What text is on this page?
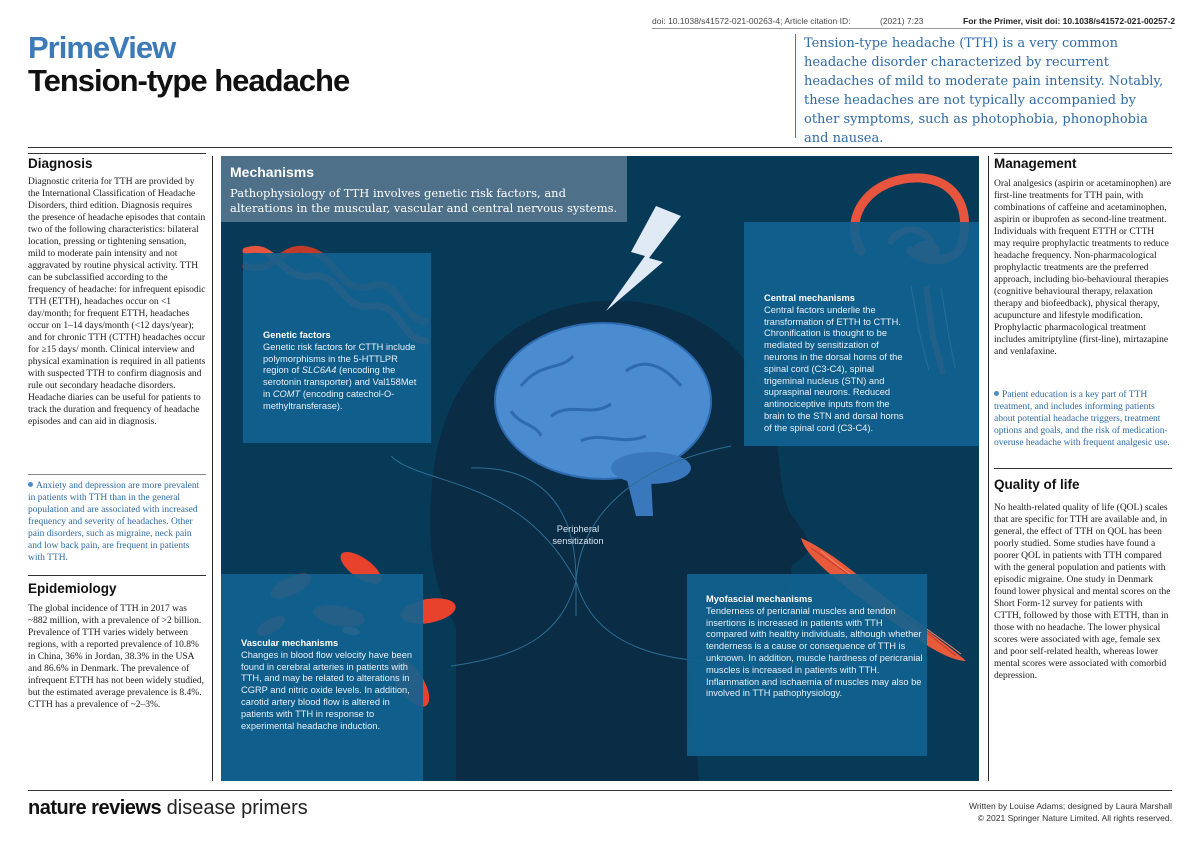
doi: 10.1038/s41572-021-00263-4; Article citation ID:	(2021) 7:23	For the Primer, visit doi: 10.1038/s41572-021-00257-2
PrimeView
Tension-type headache
Tension-type headache (TTH) is a very common headache disorder characterized by recurrent headaches of mild to moderate pain intensity. Notably, these headaches are not typically accompanied by other symptoms, such as photophobia, phonophobia and nausea.
Diagnosis
Diagnostic criteria for TTH are provided by the International Classification of Headache Disorders, third edition. Diagnosis requires the presence of headache episodes that contain two of the following characteristics: bilateral location, pressing or tightening sensation, mild to moderate pain intensity and not aggravated by routine physical activity. TTH can be subclassified according to the frequency of headache: for infrequent episodic TTH (ETTH), headaches occur on <1 day/month; for frequent ETTH, headaches occur on 1–14 days/month (<12 days/year); and for chronic TTH (CTTH) headaches occur for ≥15 days/ month. Clinical interview and physical examination is required in all patients with suspected TTH to confirm diagnosis and rule out secondary headache disorders. Headache diaries can be useful for patients to track the duration and frequency of headache episodes and can aid in diagnosis.
Anxiety and depression are more prevalent in patients with TTH than in the general population and are associated with increased frequency and severity of headaches. Other pain disorders, such as migraine, neck pain and low back pain, are frequent in patients with TTH.
Epidemiology
The global incidence of TTH in 2017 was ~882 million, with a prevalence of >2 billion. Prevalence of TTH varies widely between regions, with a reported prevalence of 10.8% in China, 36% in Jordan, 38.3% in the USA and 86.6% in Denmark. The prevalence of infrequent ETTH has not been widely studied, but the estimated average prevalence is 8.4%. CTTH has a prevalence of ~2–3%.
Management
Oral analgesics (aspirin or acetaminophen) are first-line treatments for TTH pain, with combinations of caffeine and acetaminophen, aspirin or ibuprofen as second-line treatment. Individuals with frequent ETTH or CTTH may require prophylactic treatments to reduce headache frequency. Non-pharmacological prophylactic treatments are the preferred approach, including bio-behavioural therapies (cognitive behavioural therapy, relaxation therapy and biofeedback), physical therapy, acupuncture and lifestyle modification. Prophylactic pharmacological treatment includes amitriptyline (first-line), mirtazapine and venlafaxine.
Patient education is a key part of TTH treatment, and includes informing patients about potential headache triggers, treatment options and goals, and the risk of medication-overuse headache with frequent analgesic use.
Quality of life
No health-related quality of life (QOL) scales that are specific for TTH are available and, in general, the effect of TTH on QOL has been poorly studied. Some studies have found a poorer QOL in patients with TTH compared with the general population and patients with episodic migraine. One study in Denmark found lower physical and mental scores on the Short Form-12 survey for patients with CTTH, followed by those with ETTH, than in those with no headache. The lower physical scores were associated with age, female sex and poor self-related health, whereas lower mental scores were associated with comorbid depression.
Mechanisms
Pathophysiology of TTH involves genetic risk factors, and alterations in the muscular, vascular and central nervous systems.
Genetic factors
Genetic risk factors for CTTH include polymorphisms in the 5-HTTLPR region of SLC6A4 (encoding the serotonin transporter) and Val158Met in COMT (encoding catechol-O-methyltransferase).
Central mechanisms
Central factors underlie the transformation of ETTH to CTTH. Chronification is thought to be mediated by sensitization of neurons in the dorsal horns of the spinal cord (C3-C4), spinal trigeminal nucleus (STN) and supraspinal neurons. Reduced antinociceptive inputs from the brain to the STN and dorsal horns of the spinal cord (C3-C4).
Peripheral sensitization
Vascular mechanisms
Changes in blood flow velocity have been found in cerebral arteries in patients with TTH, and may be related to alterations in CGRP and nitric oxide levels. In addition, carotid artery blood flow is altered in patients with TTH in response to experimental headache induction.
Myofascial mechanisms
Tenderness of pericranial muscles and tendon insertions is increased in patients with TTH compared with healthy individuals, although whether tenderness is a cause or consequence of TTH is unknown. In addition, muscle hardness of pericranial muscles is increased in patients with TTH. Inflammation and ischaemia of muscles may also be involved in TTH pathophysiology.
nature reviews disease primers	Written by Louise Adams; designed by Laura Marshall
© 2021 Springer Nature Limited. All rights reserved.
